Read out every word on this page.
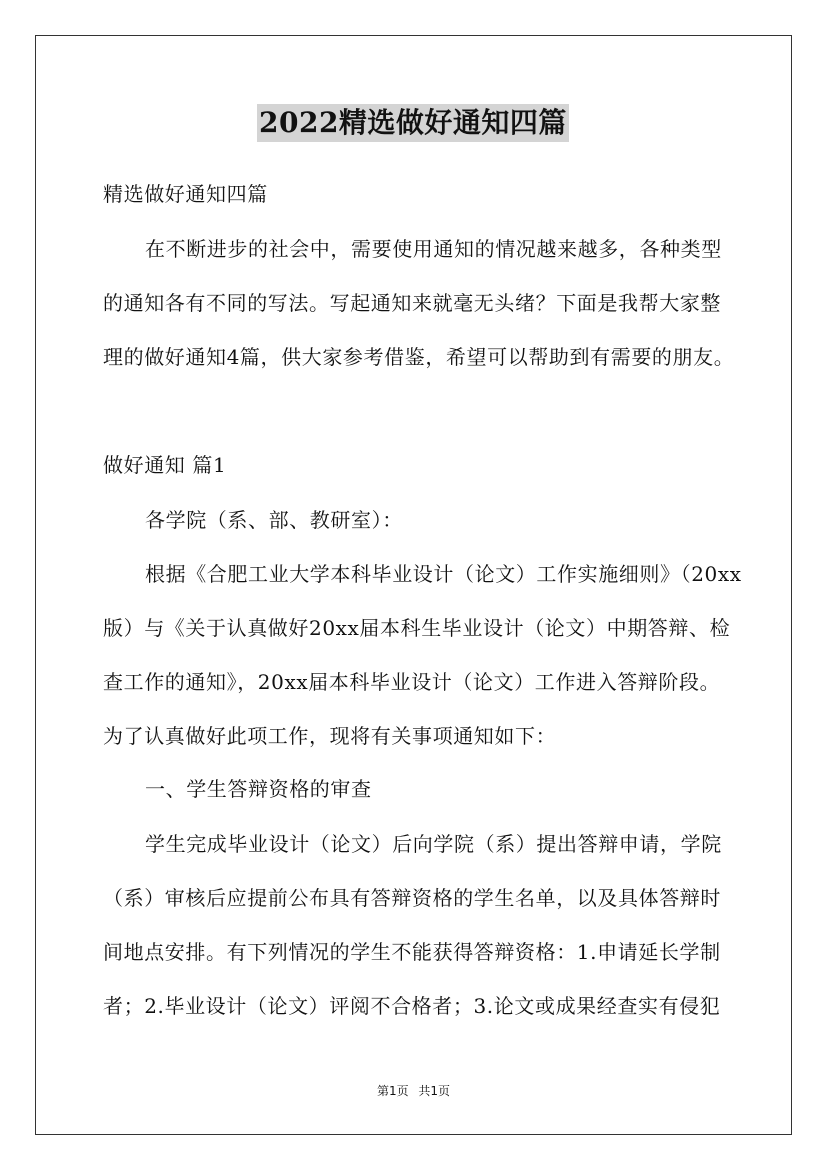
2022精选做好通知四篇
精选做好通知四篇
在不断进步的社会中，需要使用通知的情况越来越多，各种类型
的通知各有不同的写法。写起通知来就毫无头绪？下面是我帮大家整
理的做好通知4篇，供大家参考借鉴，希望可以帮助到有需要的朋友。
做好通知 篇1
各学院（系、部、教研室）：
根据《合肥工业大学本科毕业设计（论文）工作实施细则》（20xx
版）与《关于认真做好20xx届本科生毕业设计（论文）中期答辩、检
查工作的通知》，20xx届本科毕业设计（论文）工作进入答辩阶段。
为了认真做好此项工作，现将有关事项通知如下：
一、学生答辩资格的审查
学生完成毕业设计（论文）后向学院（系）提出答辩申请，学院
（系）审核后应提前公布具有答辩资格的学生名单，以及具体答辩时
间地点安排。有下列情况的学生不能获得答辩资格：1.申请延长学制
者；2.毕业设计（论文）评阅不合格者；3.论文或成果经查实有侵犯
第1页 共1页
